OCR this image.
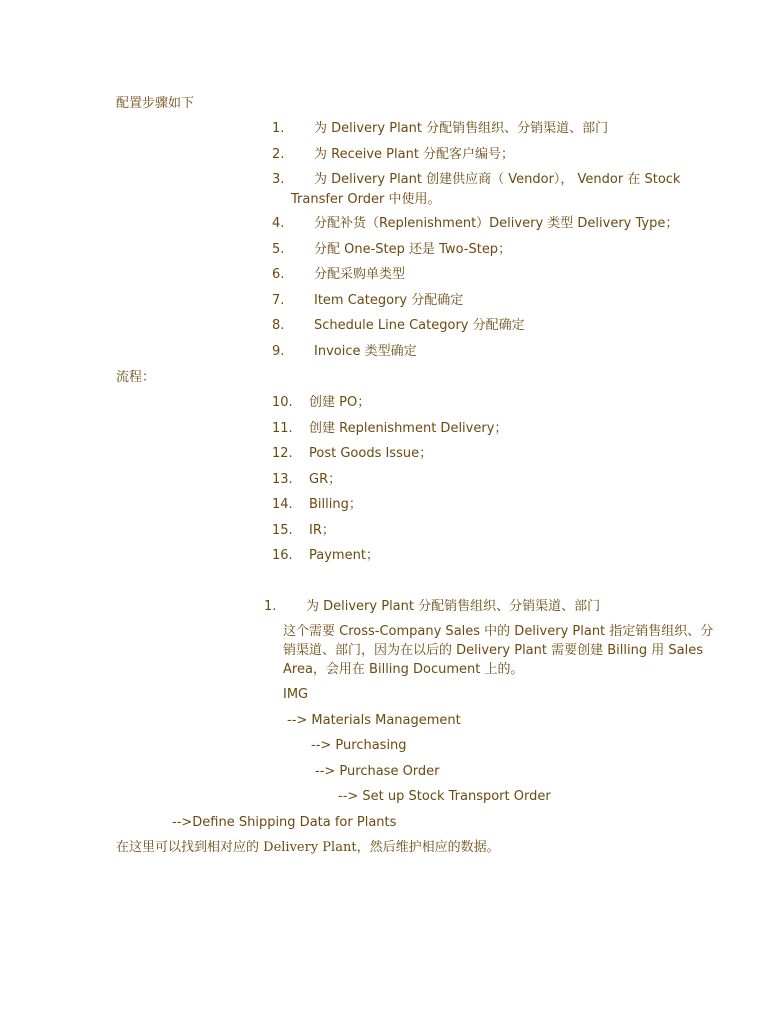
配置步骤如下
1. 为 Delivery Plant 分配销售组织、分销渠道、部门
2. 为 Receive Plant 分配客户编号；
3. 为 Delivery Plant 创建供应商（ Vendor）， Vendor 在 Stock
Transfer Order 中使用。
4. 分配补货（Replenishment）Delivery 类型 Delivery Type；
5. 分配 One-Step 还是 Two-Step；
6. 分配采购单类型
7. Item Category 分配确定
8. Schedule Line Category 分配确定
9. Invoice 类型确定
流程：
10. 创建 PO；
11. 创建 Replenishment Delivery；
12. Post Goods Issue；
13. GR；
14. Billing；
15. IR；
16. Payment；
1. 为 Delivery Plant 分配销售组织、分销渠道、部门
这个需要 Cross-Company Sales 中的 Delivery Plant 指定销售组织、分
销渠道、部门，因为在以后的 Delivery Plant 需要创建 Billing 用 Sales
Area，会用在 Billing Document 上的。
IMG
--> Materials Management
--> Purchasing
--> Purchase Order
--> Set up Stock Transport Order
-->Define Shipping Data for Plants
在这里可以找到相对应的 Delivery Plant，然后维护相应的数据。
